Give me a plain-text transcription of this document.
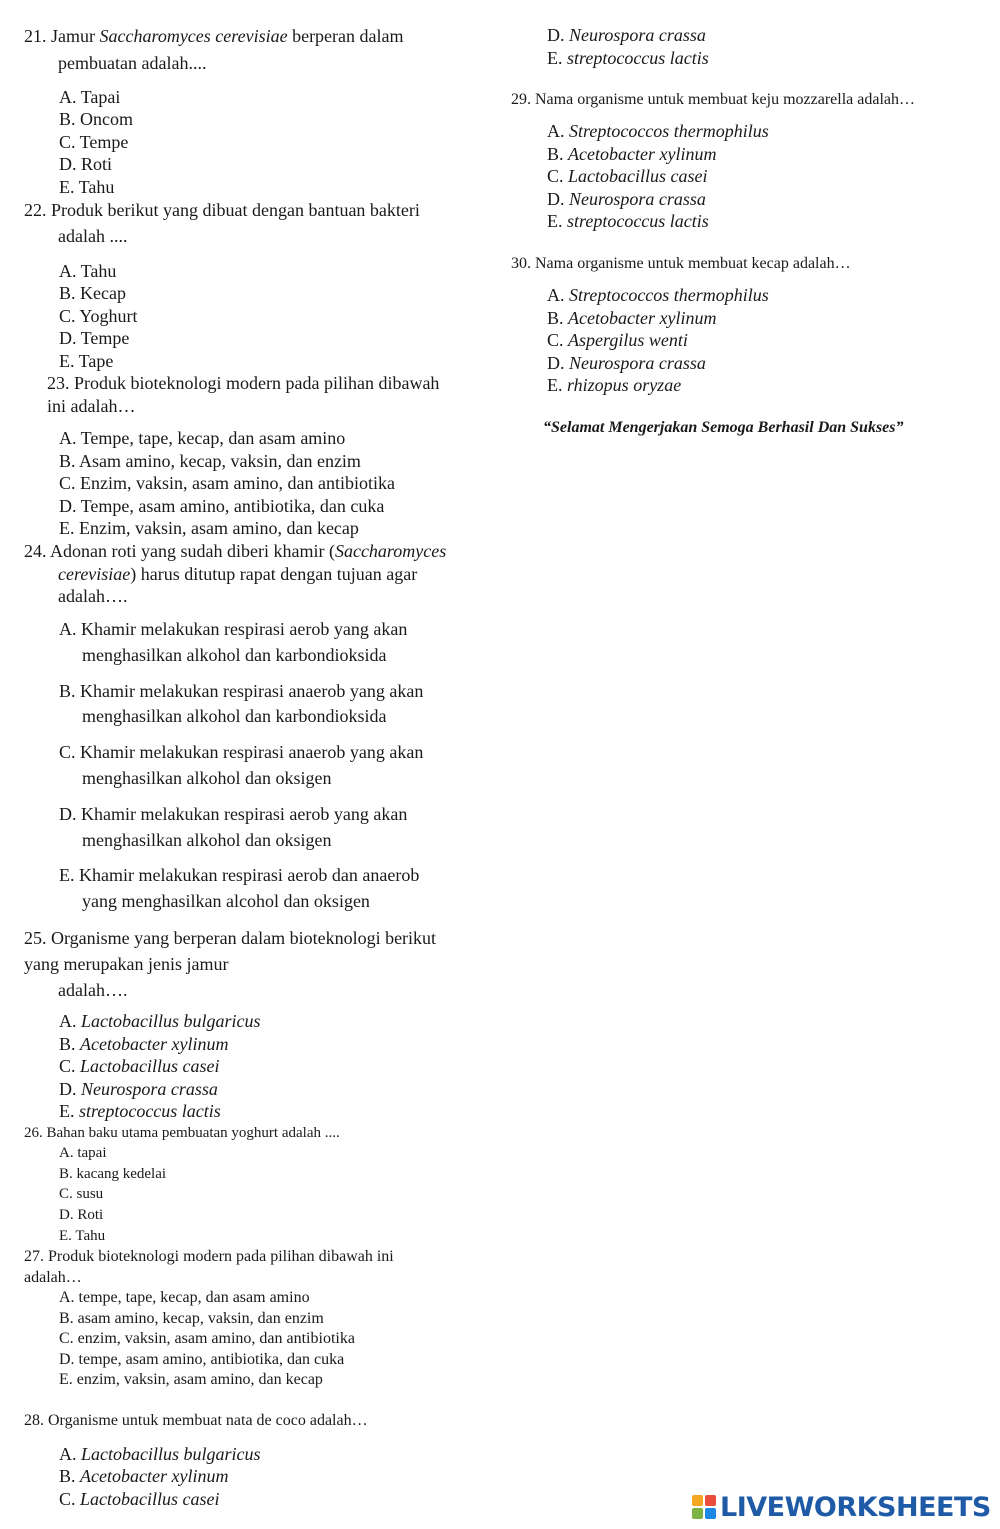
21. Jamur Saccharomyces cerevisiae berperan dalam
pembuatan adalah....
A. Tapai
B. Oncom
C. Tempe
D. Roti
E. Tahu
22. Produk berikut yang dibuat dengan bantuan bakteri
adalah ....
A. Tahu
B. Kecap
C. Yoghurt
D. Tempe
E. Tape
23. Produk bioteknologi modern pada pilihan dibawah
ini adalah…
A. Tempe, tape, kecap, dan asam amino
B. Asam amino, kecap, vaksin, dan enzim
C. Enzim, vaksin, asam amino, dan antibiotika
D. Tempe, asam amino, antibiotika, dan cuka
E. Enzim, vaksin, asam amino, dan kecap
24. Adonan roti yang sudah diberi khamir (Saccharomyces
cerevisiae) harus ditutup rapat dengan tujuan agar
adalah….
A. Khamir melakukan respirasi aerob yang akan
menghasilkan alkohol dan karbondioksida
B. Khamir melakukan respirasi anaerob yang akan
menghasilkan alkohol dan karbondioksida
C. Khamir melakukan respirasi anaerob yang akan
menghasilkan alkohol dan oksigen
D. Khamir melakukan respirasi aerob yang akan
menghasilkan alkohol dan oksigen
E. Khamir melakukan respirasi aerob dan anaerob
yang menghasilkan alcohol dan oksigen
25. Organisme yang berperan dalam bioteknologi berikut
yang merupakan jenis jamur
adalah….
A. Lactobacillus bulgaricus
B. Acetobacter xylinum
C. Lactobacillus casei
D. Neurospora crassa
E. streptococcus lactis
26. Bahan baku utama pembuatan yoghurt adalah ....
A. tapai
B. kacang kedelai
C. susu
D. Roti
E. Tahu
27. Produk bioteknologi modern pada pilihan dibawah ini
adalah…
A. tempe, tape, kecap, dan asam amino
B. asam amino, kecap, vaksin, dan enzim
C. enzim, vaksin, asam amino, dan antibiotika
D. tempe, asam amino, antibiotika, dan cuka
E. enzim, vaksin, asam amino, dan kecap
28. Organisme untuk membuat nata de coco adalah…
A. Lactobacillus bulgaricus
B. Acetobacter xylinum
C. Lactobacillus casei
D. Neurospora crassa
E. streptococcus lactis
29. Nama organisme untuk membuat keju mozzarella adalah…
A. Streptococcos thermophilus
B. Acetobacter xylinum
C. Lactobacillus casei
D. Neurospora crassa
E. streptococcus lactis
30. Nama organisme untuk membuat kecap adalah…
A. Streptococcos thermophilus
B. Acetobacter xylinum
C. Aspergilus wenti
D. Neurospora crassa
E. rhizopus oryzae
“Selamat Mengerjakan Semoga Berhasil Dan Sukses”
LIVEWORKSHEETS
